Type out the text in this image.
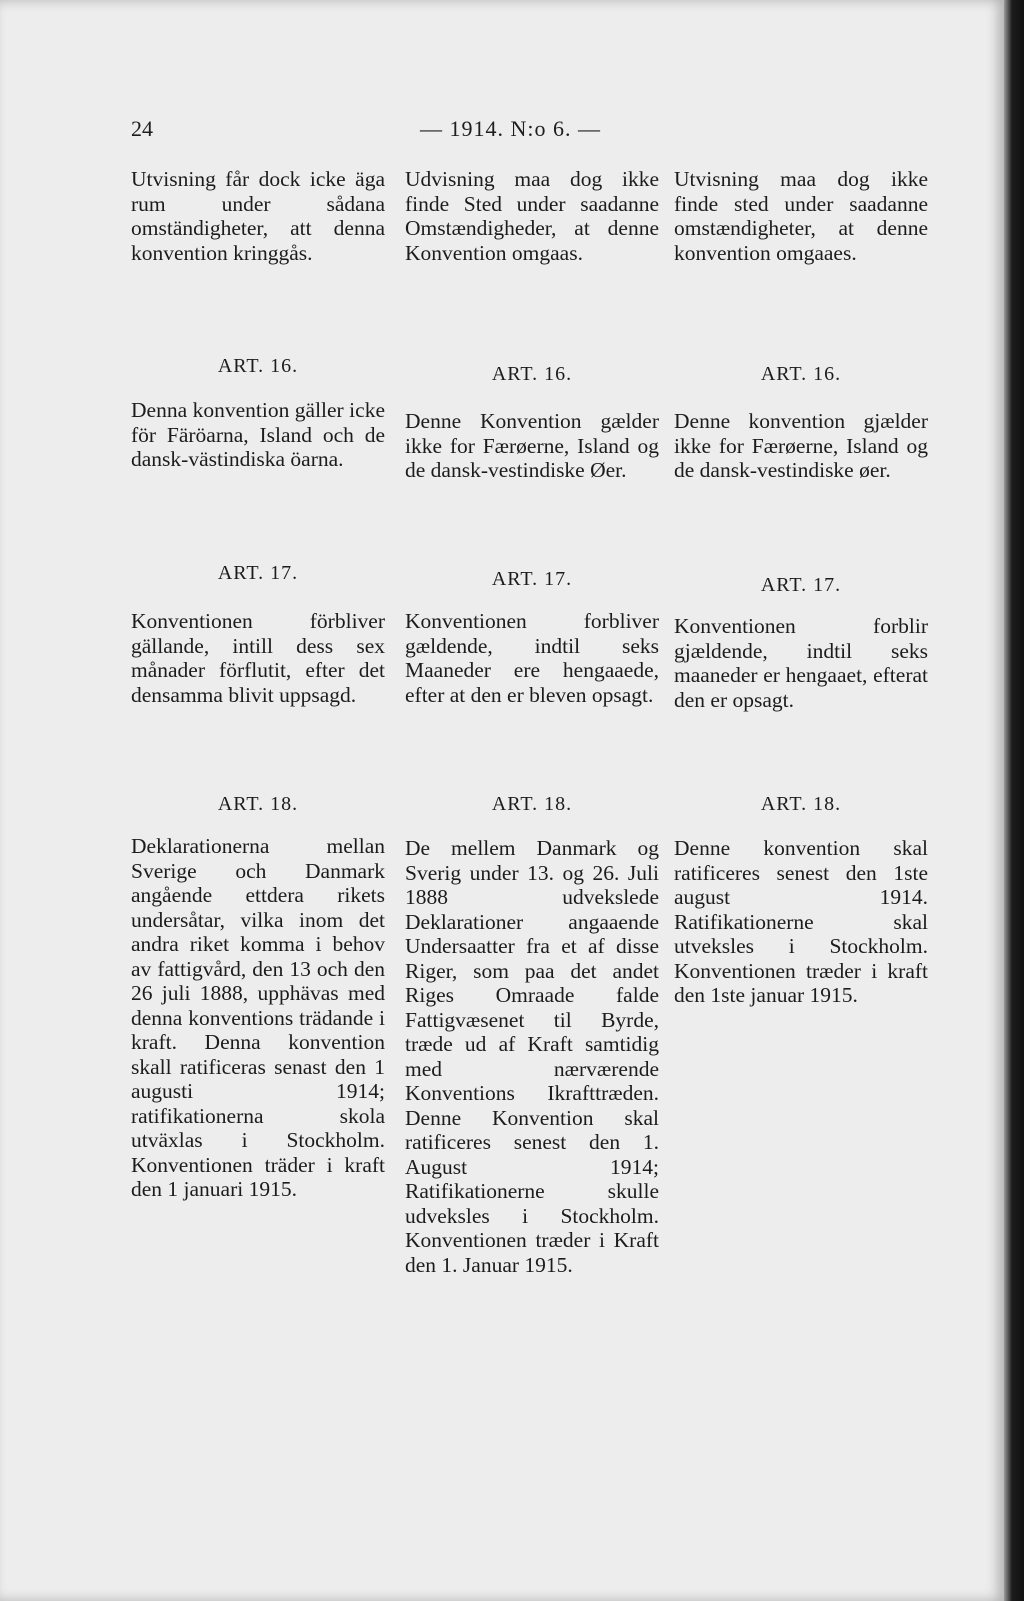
24	— 1914. N:o 6. —
Utvisning får dock icke äga rum under sådana omständigheter, att denna konvention kringgås.
ART. 16.
Denna konvention gäller icke för Färöarna, Island och de dansk-västindiska öarna.
ART. 17.
Konventionen förbliver gällande, intill dess sex månader förflutit, efter det densamma blivit uppsagd.
ART. 18.
Deklarationerna mellan Sverige och Danmark angående ettdera rikets undersåtar, vilka inom det andra riket komma i behov av fattigvård, den 13 och den 26 juli 1888, upphävas med denna konventions trädande i kraft. Denna konvention skall ratificeras senast den 1 augusti 1914; ratifikationerna skola utväxlas i Stockholm. Konventionen träder i kraft den 1 januari 1915.
Udvisning maa dog ikke finde Sted under saadanne Omstændigheder, at denne Konvention omgaas.
ART. 16.
Denne Konvention gælder ikke for Færøerne, Island og de dansk-vestindiske Øer.
ART. 17.
Konventionen forbliver gældende, indtil seks Maaneder ere hengaaede, efter at den er bleven opsagt.
ART. 18.
De mellem Danmark og Sverig under 13. og 26. Juli 1888 udvekslede Deklarationer angaaende Undersaatter fra et af disse Riger, som paa det andet Riges Omraade falde Fattigvæsenet til Byrde, træde ud af Kraft samtidig med nærværende Konventions Ikrafttræden. Denne Konvention skal ratificeres senest den 1. August 1914; Ratifikationerne skulle udveksles i Stockholm. Konventionen træder i Kraft den 1. Januar 1915.
Utvisning maa dog ikke finde sted under saadanne omstændigheter, at denne konvention omgaaes.
ART. 16.
Denne konvention gjælder ikke for Færøerne, Island og de dansk-vestindiske øer.
ART. 17.
Konventionen forblir gjældende, indtil seks maaneder er hengaaet, efterat den er opsagt.
ART. 18.
Denne konvention skal ratificeres senest den 1ste august 1914. Ratifikationerne skal utveksles i Stockholm. Konventionen træder i kraft den 1ste januar 1915.
